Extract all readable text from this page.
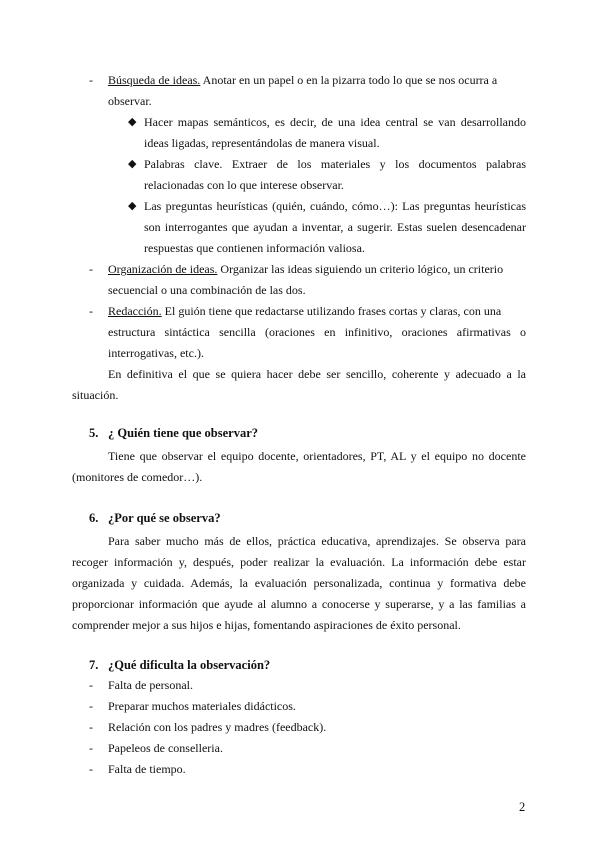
- Búsqueda de ideas. Anotar en un papel o en la pizarra todo lo que se nos ocurra a
observar.
◆ Hacer mapas semánticos, es decir, de una idea central se van desarrollando
ideas ligadas, representándolas de manera visual.
◆ Palabras clave. Extraer de los materiales y los documentos palabras
relacionadas con lo que interese observar.
◆ Las preguntas heurísticas (quién, cuándo, cómo…): Las preguntas heurísticas
son interrogantes que ayudan a inventar, a sugerir. Estas suelen desencadenar
respuestas que contienen información valiosa.
- Organización de ideas. Organizar las ideas siguiendo un criterio lógico, un criterio
secuencial o una combinación de las dos.
- Redacción. El guión tiene que redactarse utilizando frases cortas y claras, con una
estructura sintáctica sencilla (oraciones en infinitivo, oraciones afirmativas o
interrogativas, etc.).
En definitiva el que se quiera hacer debe ser sencillo, coherente y adecuado a la
situación.
5. ¿ Quién tiene que observar?
Tiene que observar el equipo docente, orientadores, PT, AL y el equipo no docente
(monitores de comedor…).
6. ¿Por qué se observa?
Para saber mucho más de ellos, práctica educativa, aprendizajes. Se observa para
recoger información y, después, poder realizar la evaluación. La información debe estar
organizada y cuidada. Además, la evaluación personalizada, continua y formativa debe
proporcionar información que ayude al alumno a conocerse y superarse, y a las familias a
comprender mejor a sus hijos e hijas, fomentando aspiraciones de éxito personal.
7. ¿Qué dificulta la observación?
- Falta de personal.
- Preparar muchos materiales didácticos.
- Relación con los padres y madres (feedback).
- Papeleos de conselleria.
- Falta de tiempo.
2
